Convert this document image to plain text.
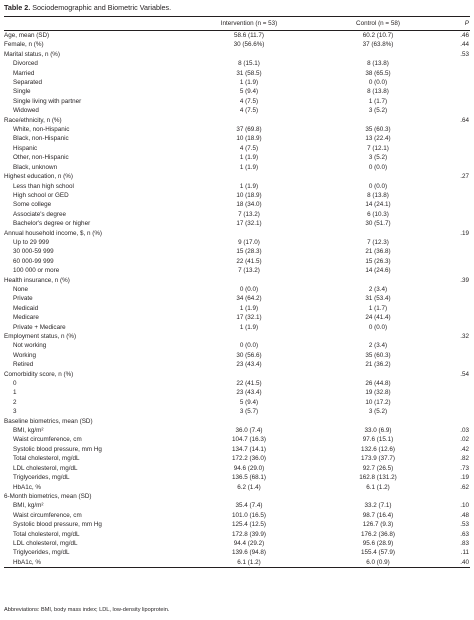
Table 2. Sociodemographic and Biometric Variables.
	Intervention (n = 53)	Control (n = 58)	P
Age, mean (SD)	58.6 (11.7)	60.2 (10.7)	.46
Female, n (%)	30 (56.6%)	37 (63.8%)	.44
Marital status, n (%)			.53
Divorced	8 (15.1)	8 (13.8)	
Married	31 (58.5)	38 (65.5)	
Separated	1 (1.9)	0 (0.0)	
Single	5 (9.4)	8 (13.8)	
Single living with partner	4 (7.5)	1 (1.7)	
Widowed	4 (7.5)	3 (5.2)	
Race/ethnicity, n (%)			.64
White, non-Hispanic	37 (69.8)	35 (60.3)	
Black, non-Hispanic	10 (18.9)	13 (22.4)	
Hispanic	4 (7.5)	7 (12.1)	
Other, non-Hispanic	1 (1.9)	3 (5.2)	
Black, unknown	1 (1.9)	0 (0.0)	
Highest education, n (%)			.27
Less than high school	1 (1.9)	0 (0.0)	
High school or GED	10 (18.9)	8 (13.8)	
Some college	18 (34.0)	14 (24.1)	
Associate's degree	7 (13.2)	6 (10.3)	
Bachelor's degree or higher	17 (32.1)	30 (51.7)	
Annual household income, $, n (%)			.19
Up to 29 999	9 (17.0)	7 (12.3)	
30 000-59 999	15 (28.3)	21 (36.8)	
60 000-99 999	22 (41.5)	15 (26.3)	
100 000 or more	7 (13.2)	14 (24.6)	
Health insurance, n (%)			.39
None	0 (0.0)	2 (3.4)	
Private	34 (64.2)	31 (53.4)	
Medicaid	1 (1.9)	1 (1.7)	
Medicare	17 (32.1)	24 (41.4)	
Private + Medicare	1 (1.9)	0 (0.0)	
Employment status, n (%)			.32
Not working	0 (0.0)	2 (3.4)	
Working	30 (56.6)	35 (60.3)	
Retired	23 (43.4)	21 (36.2)	
Comorbidity score, n (%)			.54
0	22 (41.5)	26 (44.8)	
1	23 (43.4)	19 (32.8)	
2	5 (9.4)	10 (17.2)	
3	3 (5.7)	3 (5.2)	
Baseline biometrics, mean (SD)			
BMI, kg/m²	36.0 (7.4)	33.0 (6.9)	.03
Waist circumference, cm	104.7 (16.3)	97.6 (15.1)	.02
Systolic blood pressure, mm Hg	134.7 (14.1)	132.6 (12.6)	.42
Total cholesterol, mg/dL	172.2 (36.0)	173.9 (37.7)	.82
LDL cholesterol, mg/dL	94.6 (29.0)	92.7 (26.5)	.73
Triglycerides, mg/dL	136.5 (68.1)	162.8 (131.2)	.19
HbA1c, %	6.2 (1.4)	6.1 (1.2)	.62
6-Month biometrics, mean (SD)			
BMI, kg/m²	35.4 (7.4)	33.2 (7.1)	.10
Waist circumference, cm	101.0 (16.5)	98.7 (16.4)	.48
Systolic blood pressure, mm Hg	125.4 (12.5)	126.7 (9.3)	.53
Total cholesterol, mg/dL	172.8 (39.9)	176.2 (36.8)	.63
LDL cholesterol, mg/dL	94.4 (29.2)	95.6 (28.9)	.83
Triglycerides, mg/dL	139.6 (94.8)	155.4 (57.9)	.11
HbA1c, %	6.1 (1.2)	6.0 (0.9)	.40
Abbreviations: BMI, body mass index; LDL, low-density lipoprotein.
